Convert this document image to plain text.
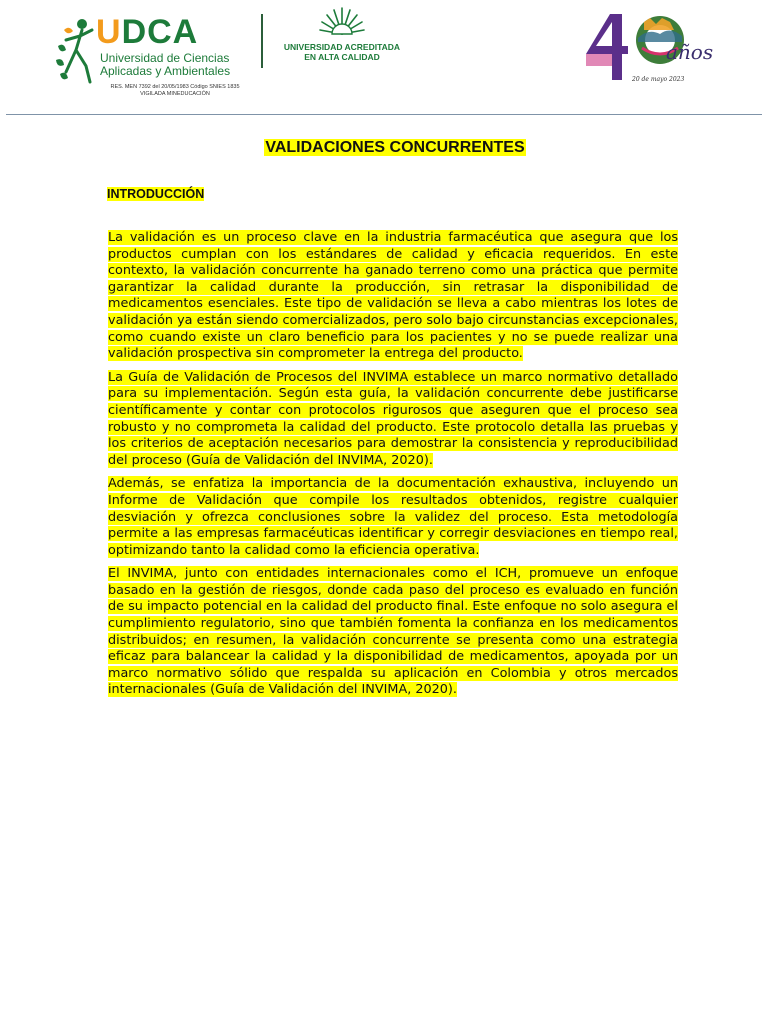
UDCA
Universidad de Ciencias Aplicadas y Ambientales
RES. MEN 7392 del 20/05/1983 Código SNIES 1835
VIGILADA MINEDUCACIÓN
UNIVERSIDAD ACREDITADA EN ALTA CALIDAD	años
20 de mayo 2023
VALIDACIONES CONCURRENTES
INTRODUCCIÓN

La validación es un proceso clave en la industria farmacéutica que asegura que los productos cumplan con los estándares de calidad y eficacia requeridos. En este contexto, la validación concurrente ha ganado terreno como una práctica que permite garantizar la calidad durante la producción, sin retrasar la disponibilidad de medicamentos esenciales. Este tipo de validación se lleva a cabo mientras los lotes de validación ya están siendo comercializados, pero solo bajo circunstancias excepcionales, como cuando existe un claro beneficio para los pacientes y no se puede realizar una validación prospectiva sin comprometer la entrega del producto.

La Guía de Validación de Procesos del INVIMA establece un marco normativo detallado para su implementación. Según esta guía, la validación concurrente debe justificarse científicamente y contar con protocolos rigurosos que aseguren que el proceso sea robusto y no comprometa la calidad del producto. Este protocolo detalla las pruebas y los criterios de aceptación necesarios para demostrar la consistencia y reproducibilidad del proceso (Guía de Validación del INVIMA, 2020).

Además, se enfatiza la importancia de la documentación exhaustiva, incluyendo un Informe de Validación que compile los resultados obtenidos, registre cualquier desviación y ofrezca conclusiones sobre la validez del proceso. Esta metodología permite a las empresas farmacéuticas identificar y corregir desviaciones en tiempo real, optimizando tanto la calidad como la eficiencia operativa.

El INVIMA, junto con entidades internacionales como el ICH, promueve un enfoque basado en la gestión de riesgos, donde cada paso del proceso es evaluado en función de su impacto potencial en la calidad del producto final. Este enfoque no solo asegura el cumplimiento regulatorio, sino que también fomenta la confianza en los medicamentos distribuidos; en resumen, la validación concurrente se presenta como una estrategia eficaz para balancear la calidad y la disponibilidad de medicamentos, apoyada por un marco normativo sólido que respalda su aplicación en Colombia y otros mercados internacionales (Guía de Validación del INVIMA, 2020).
